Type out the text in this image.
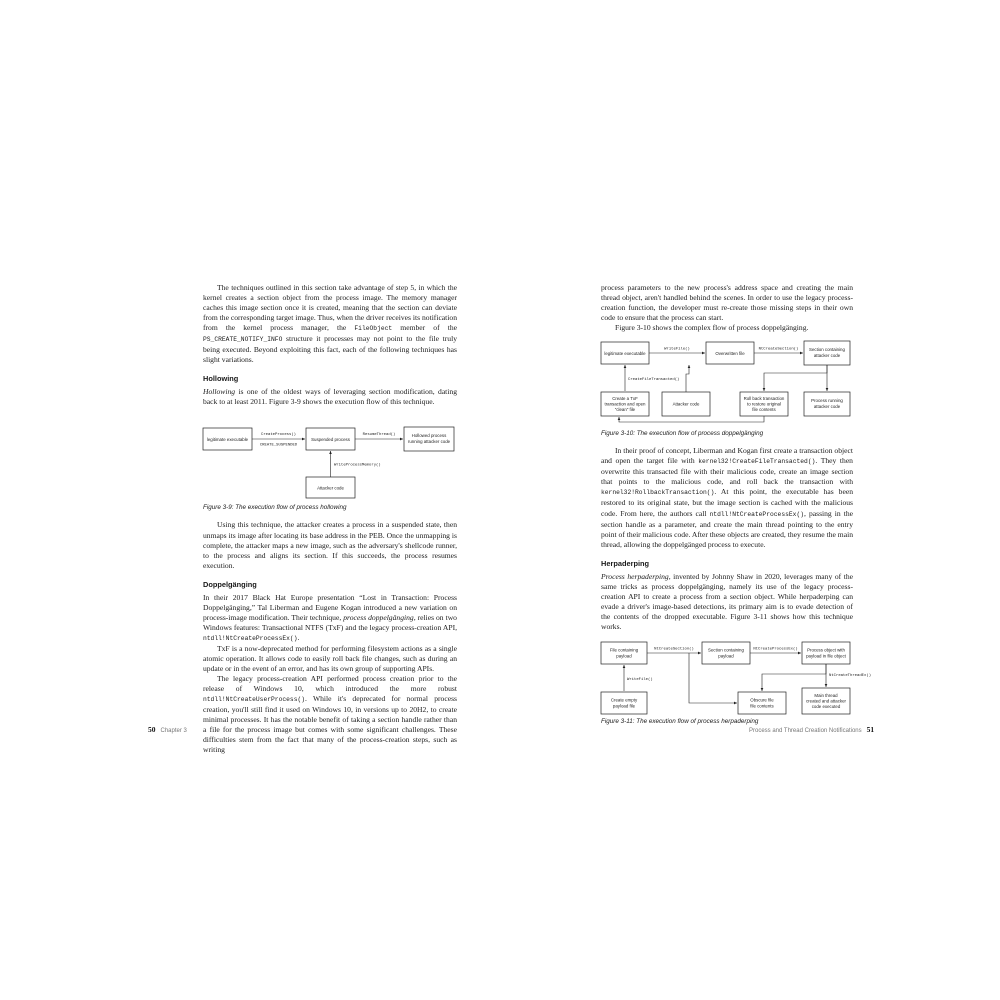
The techniques outlined in this section take advantage of step 5, in which the kernel creates a section object from the process image. The memory manager caches this image section once it is created, meaning that the section can deviate from the corresponding target image. Thus, when the driver receives its notification from the kernel process manager, the FileObject member of the PS_CREATE_NOTIFY_INFO structure it processes may not point to the file truly being executed. Beyond exploiting this fact, each of the following techniques has slight variations.

Hollowing

Hollowing is one of the oldest ways of leveraging section modification, dating back to at least 2011. Figure 3-9 shows the execution flow of this technique.

legitimate executable	Suspended process
Hollowed process
running attacker code
Attacker code
CreateProcess()
CREATE_SUSPENDED
ResumeThread()
WriteProcessMemory()
Figure 3-9: The execution flow of process hollowing

Using this technique, the attacker creates a process in a suspended state, then unmaps its image after locating its base address in the PEB. Once the unmapping is complete, the attacker maps a new image, such as the adversary's shellcode runner, to the process and aligns its section. If this succeeds, the process resumes execution.

Doppelgänging

In their 2017 Black Hat Europe presentation “Lost in Transaction: Process Doppelgänging,” Tal Liberman and Eugene Kogan introduced a new variation on process-image modification. Their technique, process doppelgänging, relies on two Windows features: Transactional NTFS (TxF) and the legacy process-creation API, ntdll!NtCreateProcessEx().

TxF is a now-deprecated method for performing filesystem actions as a single atomic operation. It allows code to easily roll back file changes, such as during an update or in the event of an error, and has its own group of supporting APIs.

The legacy process-creation API performed process creation prior to the release of Windows 10, which introduced the more robust ntdll!NtCreateUserProcess(). While it's deprecated for normal process creation, you'll still find it used on Windows 10, in versions up to 20H2, to create minimal processes. It has the notable benefit of taking a section handle rather than a file for the process image but comes with some significant challenges. These difficulties stem from the fact that many of the process-creation steps, such as writing

50 Chapter 3

process parameters to the new process's address space and creating the main thread object, aren't handled behind the scenes. In order to use the legacy process-creation function, the developer must re-create those missing steps in their own code to ensure that the process can start.

Figure 3-10 shows the complex flow of process doppelgänging.

legitimate executable	Overwritten file
Section containing
attacker code
Create a TxF
transaction and open
“clean” file
Attacker code
Roll back transaction
to restore original
file contents
Process running
attacker code
WriteFile()	NtCreateSection()
CreateFileTransacted()
Figure 3-10: The execution flow of process doppelgänging

In their proof of concept, Liberman and Kogan first create a transaction object and open the target file with kernel32!CreateFileTransacted(). They then overwrite this transacted file with their malicious code, create an image section that points to the malicious code, and roll back the transaction with kernel32!RollbackTransaction(). At this point, the executable has been restored to its original state, but the image section is cached with the malicious code. From here, the authors call ntdll!NtCreateProcessEx(), passing in the section handle as a parameter, and create the main thread pointing to the entry point of their malicious code. After these objects are created, they resume the main thread, allowing the doppelgänged process to execute.

Herpaderping

Process herpaderping, invented by Johnny Shaw in 2020, leverages many of the same tricks as process doppelgänging, namely its use of the legacy process-creation API to create a process from a section object. While herpaderping can evade a driver's image-based detections, its primary aim is to evade detection of the contents of the dropped executable. Figure 3-11 shows how this technique works.

File containing
payload
Section containing
payload
Process object with
payload in file object
Create empty
payload file
Obscure file
file contents
Main thread
created and attacker
code executed
NtCreateSection()	NtCreateProcessEx()
WriteFile()
NtCreateThreadEx()
Figure 3-11: The execution flow of process herpaderping
Process and Thread Creation Notifications 51
